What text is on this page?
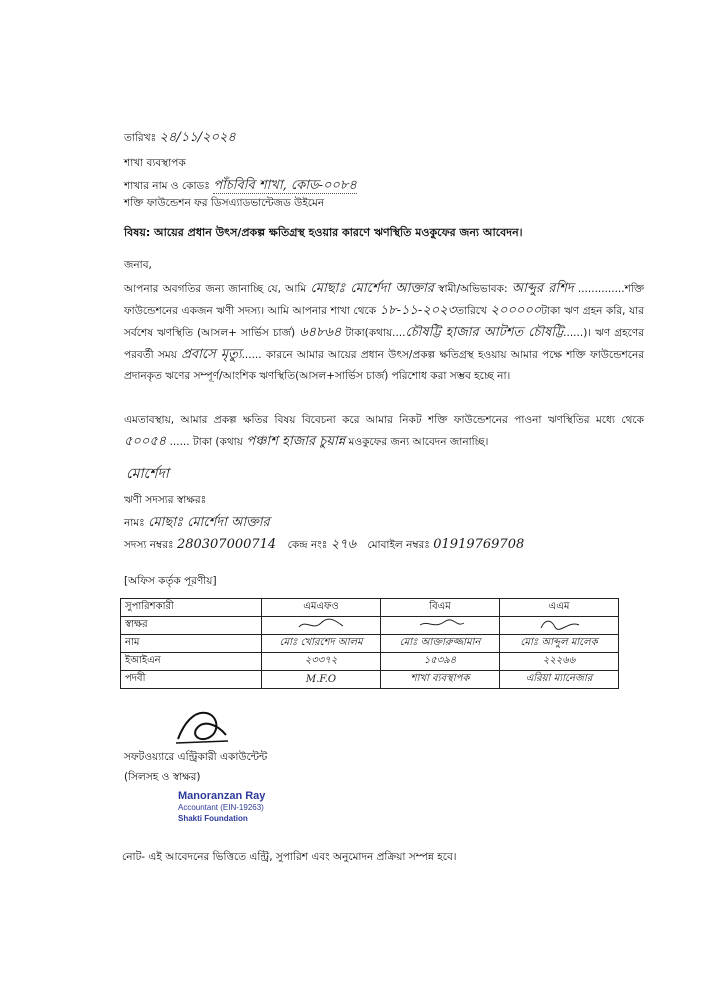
তারিখঃ ২৪/১১/২০২৪
শাখা ব্যবস্থাপক
শাখার নাম ও কোডঃ পাঁচবিবি শাখা, কোড-০০৮৪
শক্তি ফাউন্ডেশন ফর ডিসএ্যাডভান্টেজড উইমেন
বিষয়: আয়ের প্রধান উৎস/প্রকল্প ক্ষতিগ্রস্থ হওয়ার কারণে ঋণস্থিতি মওকুফের জন্য আবেদন।
জনাব,
আপনার অবগতির জন্য জানাচ্ছি যে, আমি মোছাঃ মোর্শেদা আক্তার স্বামী/অভিভাবক: আব্দুর রশিদ ..............শক্তি ফাউন্ডেশনের একজন ঋণী সদস্য। আমি আপনার শাখা থেকে ১৮-১১-২০২৩তারিখে ২০০০০০টাকা ঋণ গ্রহন করি, যার সর্বশেষ ঋণস্থিতি (আসল+ সার্ভিস চার্জ) ৬৪৮৬৪ টাকা(কথায়....চৌষট্টি হাজার আটশত চৌষট্টি......)। ঋণ গ্রহণের পরবর্তী সময় প্রবাসে মৃত্যু...... কারনে আমার আয়ের প্রধান উৎস/প্রকল্প ক্ষতিগ্রস্থ হওয়ায় আমার পক্ষে শক্তি ফাউন্ডেশনের প্রদানকৃত ঋণের সম্পূর্ণ/আংশিক ঋণস্থিতি(আসল+সার্ভিস চার্জ) পরিশোধ করা সম্ভব হচ্ছে না।
এমতাবস্থায়, আমার প্রকল্প ক্ষতির বিষয় বিবেচনা করে আমার নিকট শক্তি ফাউন্ডেশনের পাওনা ঋণস্থিতির মধ্যে থেকে ৫০০৫৪ ...... টাকা (কথায় পঞ্চাশ হাজার চুয়ান্ন মওকুফের জন্য আবেদন জানাচ্ছি।
মোর্শেদা
ঋণী সদস্যর স্বাক্ষরঃ
নামঃ মোছাঃ মোর্শেদা আক্তার
সদস্য নম্বরঃ 280307000714 কেন্দ্র নংঃ ২৭৬ মোবাইল নম্বরঃ 01919769708
[অফিস কর্তৃক পূরণীয়]
সুপারিশকারী	এমএফও	বিএম	এএম
স্বাক্ষর			
নাম	মোঃ খোরশেদ আলম	মোঃ আক্তারুজ্জামান	মোঃ আব্দুল মালেক
ইআইএন	২৩৩৭২	১৫৩৯৪	২২২৬৬
পদবী	M.F.O	শাখা ব্যবস্থাপক	এরিয়া ম্যানেজার
সফটওয়্যারে এন্ট্রিকারী একাউন্টেন্ট
(সিলসহ ও স্বাক্ষর)
Manoranzan Ray
Accountant (EIN-19263)
Shakti Foundation
নোট- এই আবেদনের ভিত্তিতে এন্ট্রি, সুপারিশ এবং অনুমোদন প্রক্রিয়া সম্পন্ন হবে।
